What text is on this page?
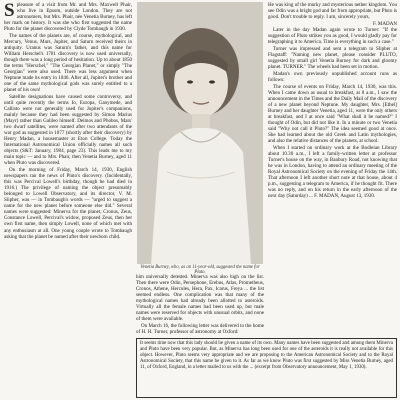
S pleasure of a visit from Mr. and Mrs. Maxwell Phair, who live in Epsom, outside London. They are not astronomers, but Mrs. Phair, née Venetia Burney, has left her mark on history. It was she who first suggested the name Pluto for the planet discovered by Clyde Tombaugh in 1930.

The names of the planets are, of course, mythological, and Mercury, Venus, Mars, Jupiter, and Saturn received theirs in antiquity. Uranus was Saturn's father, and this name for William Herschel's 1781 discovery is now used universally, though there was a long period of hesitation. Up to about 1850 the terms "Herschel," "The Georgian Planet," or simply "The Georgian" were also used. There was less argument when Neptune made its entry in 1846. After all, Jupiter's brother and one of the same mythological gods was surely entitled to a planet of his own!

Satellite designations have caused some controversy, and until quite recently the terms Io, Europa, Ganymede, and Callisto were not generally used for Jupiter's companions, mainly because they had been suggested by Simon Marius (Mayr) rather than Galileo himself. Deimos and Phobos, Mars' two dwarf satellites, were named after two attendants of the war god as suggested in 1877 (shortly after their discovery) by Henry Madan, a housemaster at Eton College. Today the International Astronomical Union officially names all such objects (S&T: January, 1984, page 23). This leads me to my main topic — and to Mrs. Phair, then Venetia Burney, aged 11 when Pluto was discovered.

On the morning of Friday, March 14, 1930, English newspapers ran the news of Pluto's discovery. (Incidentally, this was Percival Lowell's birthday, though he had died in 1916.) The privilege of naming the object presumably belonged to Lowell Observatory, and its director, V. M. Slipher, was — in Tombaugh's words — "urged to suggest a name for the new planet before someone else did." Several names were suggested: Minerva for the planet, Cronus, Zeus, Constance Lowell, Percival's widow, proposed Zeus, then her own first name, then simply Lowell, none of which met with any enthusiasm at all. One young couple wrote to Tombaugh asking that the planet be named after their newborn child.

Venetia Burney, who, as an 11-year-old, suggested the name for Pluto.

him universally detested. Minerva was also high on the list. Then there were Odin, Persephone, Erebus, Atlas, Prometheus, Cronos, Athene, Hercules, Hera, Pax, Icarus, Freya ... the list seemed endless. One complication was that many of the mythological names had already been allotted to asteroids. Virtually all the female names had been used up, but male names were reserved for objects with unusual orbits, and none of them were available.

On March 16, the following letter was delivered to the home of H. H. Turner, professor of astronomy at Oxford:

He was king of the murky and mysterious nether kingdom. You see Odin was a bright god and far from appropriate, but Pluto is good. Don't trouble to reply. I am, sincerely yours,

F. MADAN

Later in the day Madan again wrote to Turner: "If the suggestion of Pluto strikes you as good, I would gladly pay for telegraphing it to America. Time is everything in such a case."

Turner was impressed and sent a telegram to Slipher at Flagstaff: "Naming new planet, please consider PLUTO, suggested by small girl Venetia Burney for dark and gloomy planet. TURNER." The wheels had been set in motion.

Madan's own previously unpublished account runs as follows:

The course of events on Friday, March 14, 1930, was this. When I came down as usual to breakfast, at 8 a.m., I saw the announcement in the Times and the Daily Mail of the discovery of a new planet beyond Neptune. My daughter, Mrs. [Ethel] Burney and her daughter Venetia, aged 11, were the only others at breakfast, and I at once said "What shall it be named?" I thought of Odin, but did not like it. In a minute or two Venetia said "Why not call it Pluto?" The idea seemed good at once. She had learned about the old Greek and Latin mythologies, and also the relative distances of the planets, at school.

When I started on ordinary work at the Bodleian Library about 10.30 a.m., I left a family-written letter at professor Turner's house on the way, in Banbury Road, not knowing that he was in London, having to attend an ordinary meeting of the Royal Astronomical Society on the evening of Friday the 14th. That afternoon I left another short note at that house, about 4 p.m., suggesting a telegram to America, if he thought fit. There was no reply, and on his return in the early afternoon of the next day (Saturday) ... F. MADAN, August 13, 1930.

It seems time now that this lady should be given a name of its own. Many names have been suggested and among them Minerva and Pluto have been very popular. But, as Minerva has long been used for one of the asteroids it is really not available for this object. However, Pluto seems very appropriate and we are proposing to the American Astronomical Society and to the Royal Astronomical Society, that this name be given to it. As far as we know Pluto was first suggested by Miss Venetia Burney, aged 11, of Oxford, England, in a letter mailed to us with the ... (excerpt from Observatory announcement, May 1, 1930).
